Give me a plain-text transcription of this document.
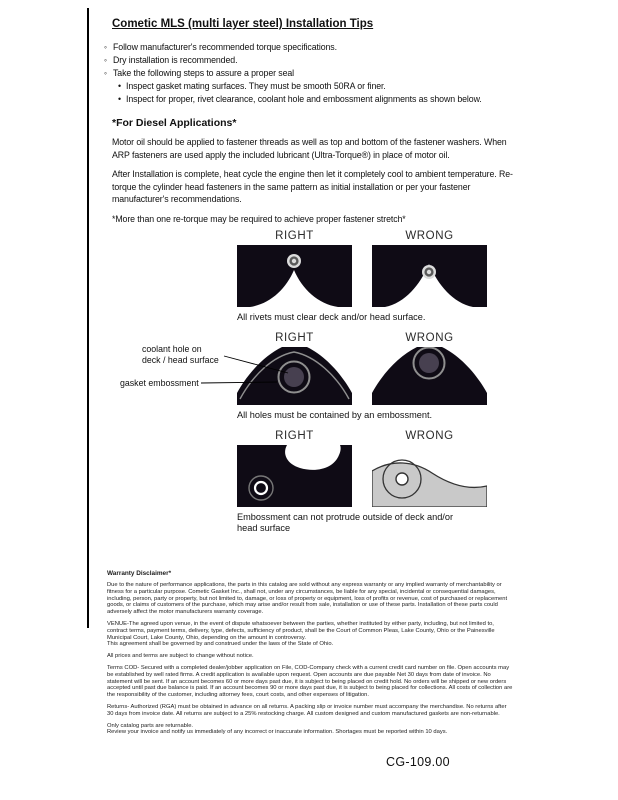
Cometic MLS (multi layer steel) Installation Tips
◦ Follow manufacturer's recommended torque specifications.
◦ Dry installation is recommended.
◦ Take the following steps to assure a proper seal
• Inspect gasket mating surfaces. They must be smooth 50RA or finer.
• Inspect for proper, rivet clearance, coolant hole and embossment alignments as shown below.
*For Diesel Applications*
Motor oil should be applied to fastener threads as well as top and bottom of the fastener washers. When ARP fasteners are used apply the included lubricant (Ultra-Torque®) in place of motor oil.
After Installation is complete, heat cycle the engine then let it completely cool to ambient temperature. Re-torque the cylinder head fasteners in the same pattern as initial installation or per your fastener manufacturer's recommendations.
*More than one re-torque may be required to achieve proper fastener stretch*
RIGHT	WRONG
All rivets must clear deck and/or head surface.
RIGHT	WRONG
coolant hole on
deck / head surface
gasket embossment
All holes must be contained by an embossment.
RIGHT	WRONG
Embossment can not protrude outside of deck and/or head surface
Warranty Disclaimer*

Due to the nature of performance applications, the parts in this catalog are sold without any express warranty or any implied warranty of merchantability or fitness for a particular purpose. Cometic Gasket Inc., shall not, under any circumstances, be liable for any special, incidental or consequential damages, including, person, party or property, but not limited to, damage, or loss of property or equipment, loss of profits or revenue, cost of purchased or replacement goods, or claims of customers of the purchase, which may arise and/or result from sale, installation or use of these parts. Installation of these parts could adversely affect the motor manufacturers warranty coverage.

VENUE-The agreed upon venue, in the event of dispute whatsoever between the parties, whether instituted by either party, including, but not limited to, contract terms, payment terms, delivery, type, defects, sufficiency of product, shall be the Court of Common Pleas, Lake County, Ohio or the Painesville Municipal Court, Lake County, Ohio, depending on the amount in controversy.

This agreement shall be governed by and construed under the laws of the State of Ohio.

All prices and terms are subject to change without notice.

Terms COD- Secured with a completed dealer/jobber application on File, COD-Company check with a current credit card number on file. Open accounts may be established by well rated firms. A credit application is available upon request. Open accounts are due payable Net 30 days from date of invoice. No statement will be sent. If an account becomes 60 or more days past due, it is subject to being placed on credit hold. No orders will be shipped or new orders accepted until past due balance is paid. If an account becomes 90 or more days past due, it is subject to being placed for collections. All costs of collection are the responsibility of the customer, including attorney fees, court costs, and other expenses of litigation.

Returns- Authorized (RGA) must be obtained in advance on all returns. A packing slip or invoice number must accompany the merchandise. No returns after 30 days from invoice date. All returns are subject to a 25% restocking charge. All custom designed and custom manufactured gaskets are non-returnable.

Only catalog parts are returnable.

Review your invoice and notify us immediately of any incorrect or inaccurate information. Shortages must be reported within 10 days.

CG-109.00
